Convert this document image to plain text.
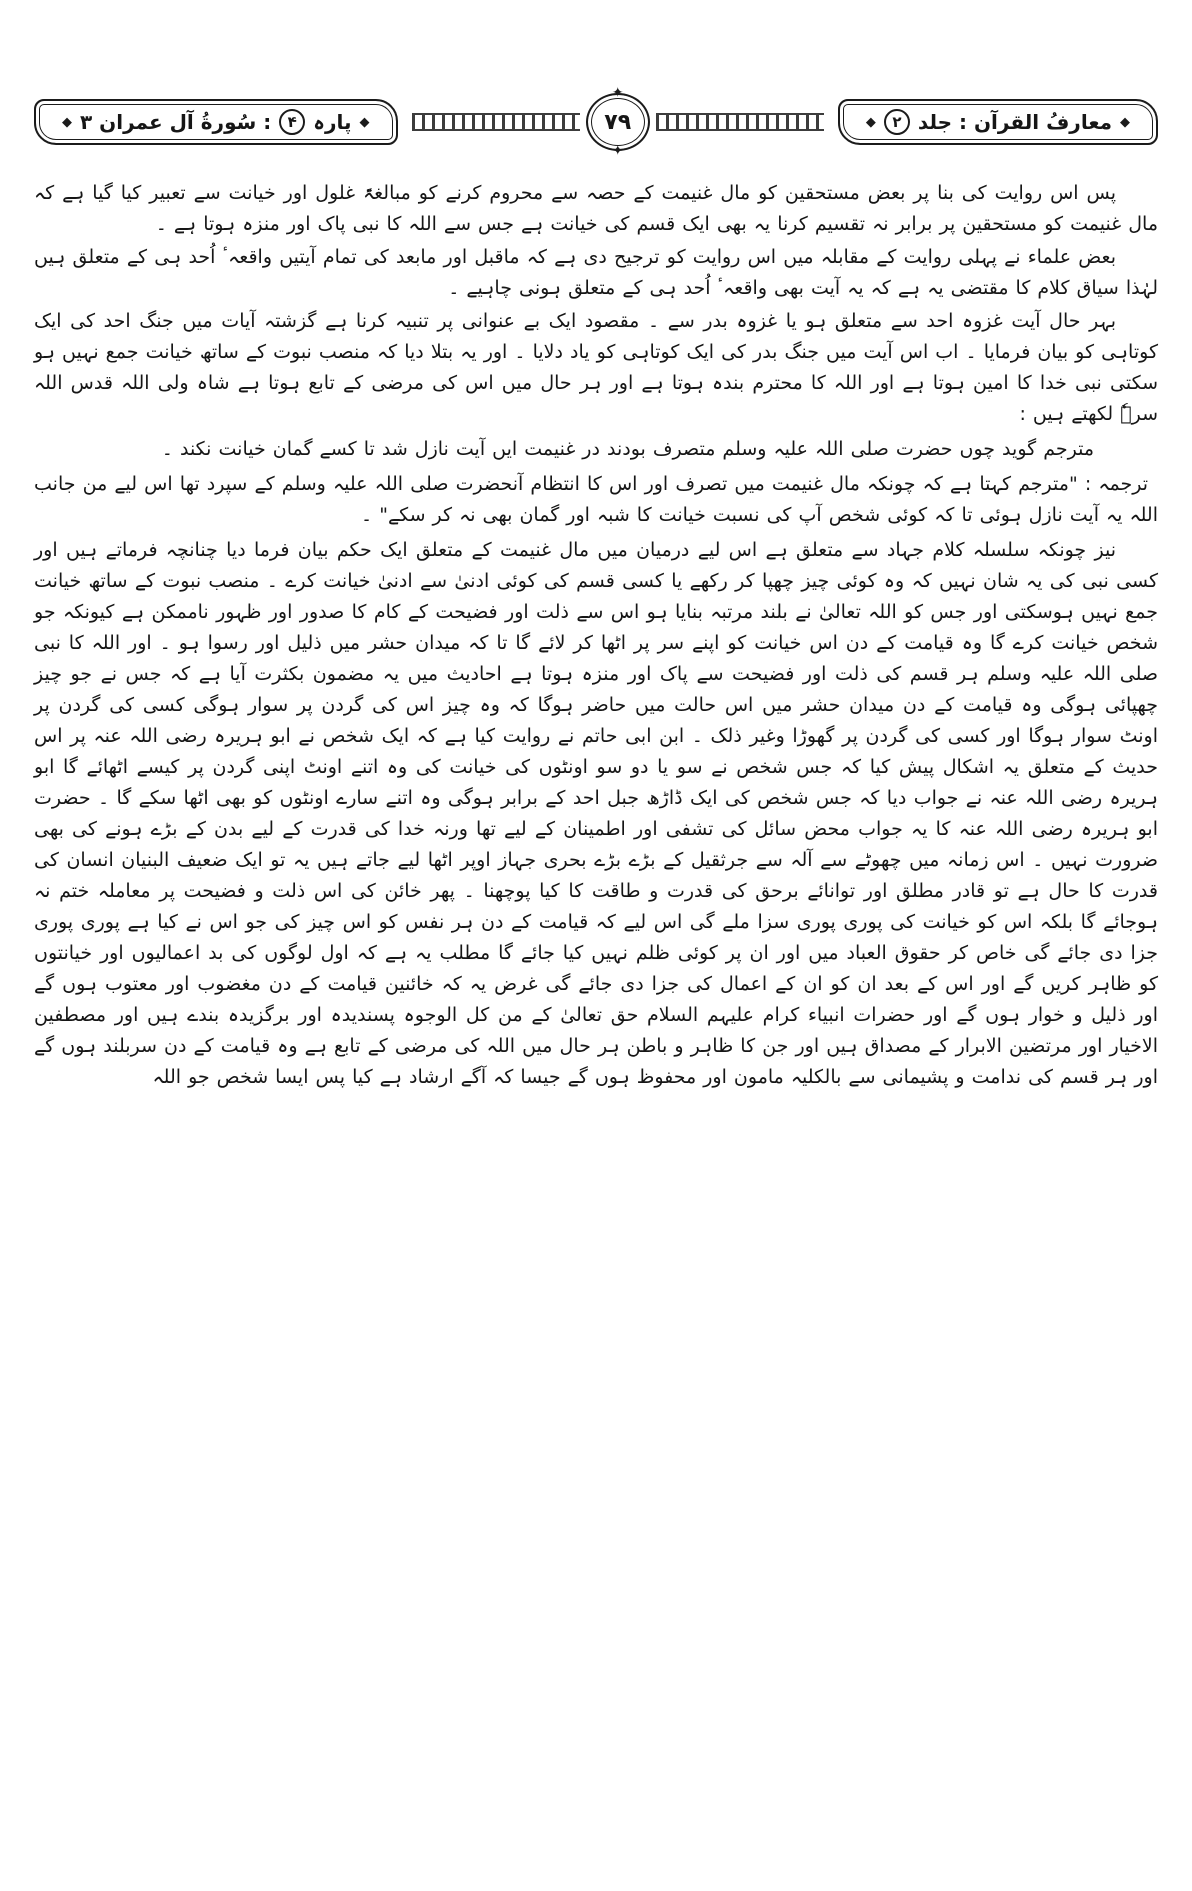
◆
معارفُ القرآن : جلد
۲
◆
✦
٧٩
✦
◆
پارہ
۴
: سُورةُ آل عمران ۳
◆

پس اس روایت کی بنا پر بعض مستحقین کو مال غنیمت کے حصہ سے محروم کرنے کو مبالغۃً غلول اور خیانت سے تعبیر کیا گیا ہے کہ مال غنیمت کو مستحقین پر برابر نہ تقسیم کرنا یہ بھی ایک قسم کی خیانت ہے جس سے اللہ کا نبی پاک اور منزہ ہوتا ہے ۔

بعض علماء نے پہلی روایت کے مقابلہ میں اس روایت کو ترجیح دی ہے کہ ماقبل اور مابعد کی تمام آیتیں واقعہٴ اُحد ہی کے متعلق ہیں لہٰذا سیاق کلام کا مقتضی یہ ہے کہ یہ آیت بھی واقعہٴ اُحد ہی کے متعلق ہونی چاہیے ۔

بہر حال آیت غزوہ احد سے متعلق ہو یا غزوہ بدر سے ۔ مقصود ایک بے عنوانی پر تنبیہ کرنا ہے گزشتہ آیات میں جنگ احد کی ایک کوتاہی کو بیان فرمایا ۔ اب اس آیت میں جنگ بدر کی ایک کوتاہی کو یاد دلایا ۔ اور یہ بتلا دیا کہ منصب نبوت کے ساتھ خیانت جمع نہیں ہو سکتی نبی خدا کا امین ہوتا ہے اور اللہ کا محترم بندہ ہوتا ہے اور ہر حال میں اس کی مرضی کے تابع ہوتا ہے شاہ ولی اللہ قدس اللہ سرہٗ لکھتے ہیں :

مترجم گوید چوں حضرت صلی اللہ علیہ وسلم متصرف بودند در غنیمت ایں آیت نازل شد تا کسے گمان خیانت نکند ۔

ترجمہ : "مترجم کہتا ہے کہ چونکہ مال غنیمت میں تصرف اور اس کا انتظام آنحضرت صلی اللہ علیہ وسلم کے سپرد تھا اس لیے من جانب اللہ یہ آیت نازل ہوئی تا کہ کوئی شخص آپ کی نسبت خیانت کا شبہ اور گمان بھی نہ کر سکے" ۔

نیز چونکہ سلسلہ کلام جہاد سے متعلق ہے اس لیے درمیان میں مال غنیمت کے متعلق ایک حکم بیان فرما دیا چنانچہ فرماتے ہیں اور کسی نبی کی یہ شان نہیں کہ وہ کوئی چیز چھپا کر رکھے یا کسی قسم کی کوئی ادنیٰ سے ادنیٰ خیانت کرے ۔ منصب نبوت کے ساتھ خیانت جمع نہیں ہوسکتی اور جس کو اللہ تعالیٰ نے بلند مرتبہ بنایا ہو اس سے ذلت اور فضیحت کے کام کا صدور اور ظہور ناممکن ہے کیونکہ جو شخص خیانت کرے گا وہ قیامت کے دن اس خیانت کو اپنے سر پر اٹھا کر لائے گا تا کہ میدان حشر میں ذلیل اور رسوا ہو ۔ اور اللہ کا نبی صلی اللہ علیہ وسلم ہر قسم کی ذلت اور فضیحت سے پاک اور منزہ ہوتا ہے احادیث میں یہ مضمون بکثرت آیا ہے کہ جس نے جو چیز چھپائی ہوگی وہ قیامت کے دن میدان حشر میں اس حالت میں حاضر ہوگا کہ وہ چیز اس کی گردن پر سوار ہوگی کسی کی گردن پر اونٹ سوار ہوگا اور کسی کی گردن پر گھوڑا وغیر ذلک ۔ ابن ابی حاتم نے روایت کیا ہے کہ ایک شخص نے ابو ہریرہ رضی اللہ عنہ پر اس حدیث کے متعلق یہ اشکال پیش کیا کہ جس شخص نے سو یا دو سو اونٹوں کی خیانت کی وہ اتنے اونٹ اپنی گردن پر کیسے اٹھائے گا ابو ہریرہ رضی اللہ عنہ نے جواب دیا کہ جس شخص کی ایک ڈاڑھ جبل احد کے برابر ہوگی وہ اتنے سارے اونٹوں کو بھی اٹھا سکے گا ۔ حضرت ابو ہریرہ رضی اللہ عنہ کا یہ جواب محض سائل کی تشفی اور اطمینان کے لیے تھا ورنہ خدا کی قدرت کے لیے بدن کے بڑے ہونے کی بھی ضرورت نہیں ۔ اس زمانہ میں چھوٹے سے آلہ سے جرثقیل کے بڑے بڑے بحری جہاز اوپر اٹھا لیے جاتے ہیں یہ تو ایک ضعیف البنیان انسان کی قدرت کا حال ہے تو قادر مطلق اور توانائے برحق کی قدرت و طاقت کا کیا پوچھنا ۔ پھر خائن کی اس ذلت و فضیحت پر معاملہ ختم نہ ہوجائے گا بلکہ اس کو خیانت کی پوری پوری سزا ملے گی اس لیے کہ قیامت کے دن ہر نفس کو اس چیز کی جو اس نے کیا ہے پوری پوری جزا دی جائے گی خاص کر حقوق العباد میں اور ان پر کوئی ظلم نہیں کیا جائے گا مطلب یہ ہے کہ اول لوگوں کی بد اعمالیوں اور خیانتوں کو ظاہر کریں گے اور اس کے بعد ان کو ان کے اعمال کی جزا دی جائے گی غرض یہ کہ خائنین قیامت کے دن مغضوب اور معتوب ہوں گے اور ذلیل و خوار ہوں گے اور حضرات انبیاء کرام علیہم السلام حق تعالیٰ کے من کل الوجوہ پسندیدہ اور برگزیدہ بندے ہیں اور مصطفین الاخیار اور مرتضین الابرار کے مصداق ہیں اور جن کا ظاہر و باطن ہر حال میں اللہ کی مرضی کے تابع ہے وہ قیامت کے دن سربلند ہوں گے اور ہر قسم کی ندامت و پشیمانی سے بالکلیہ مامون اور محفوظ ہوں گے جیسا کہ آگے ارشاد ہے کیا پس ایسا شخص جو اللہ
